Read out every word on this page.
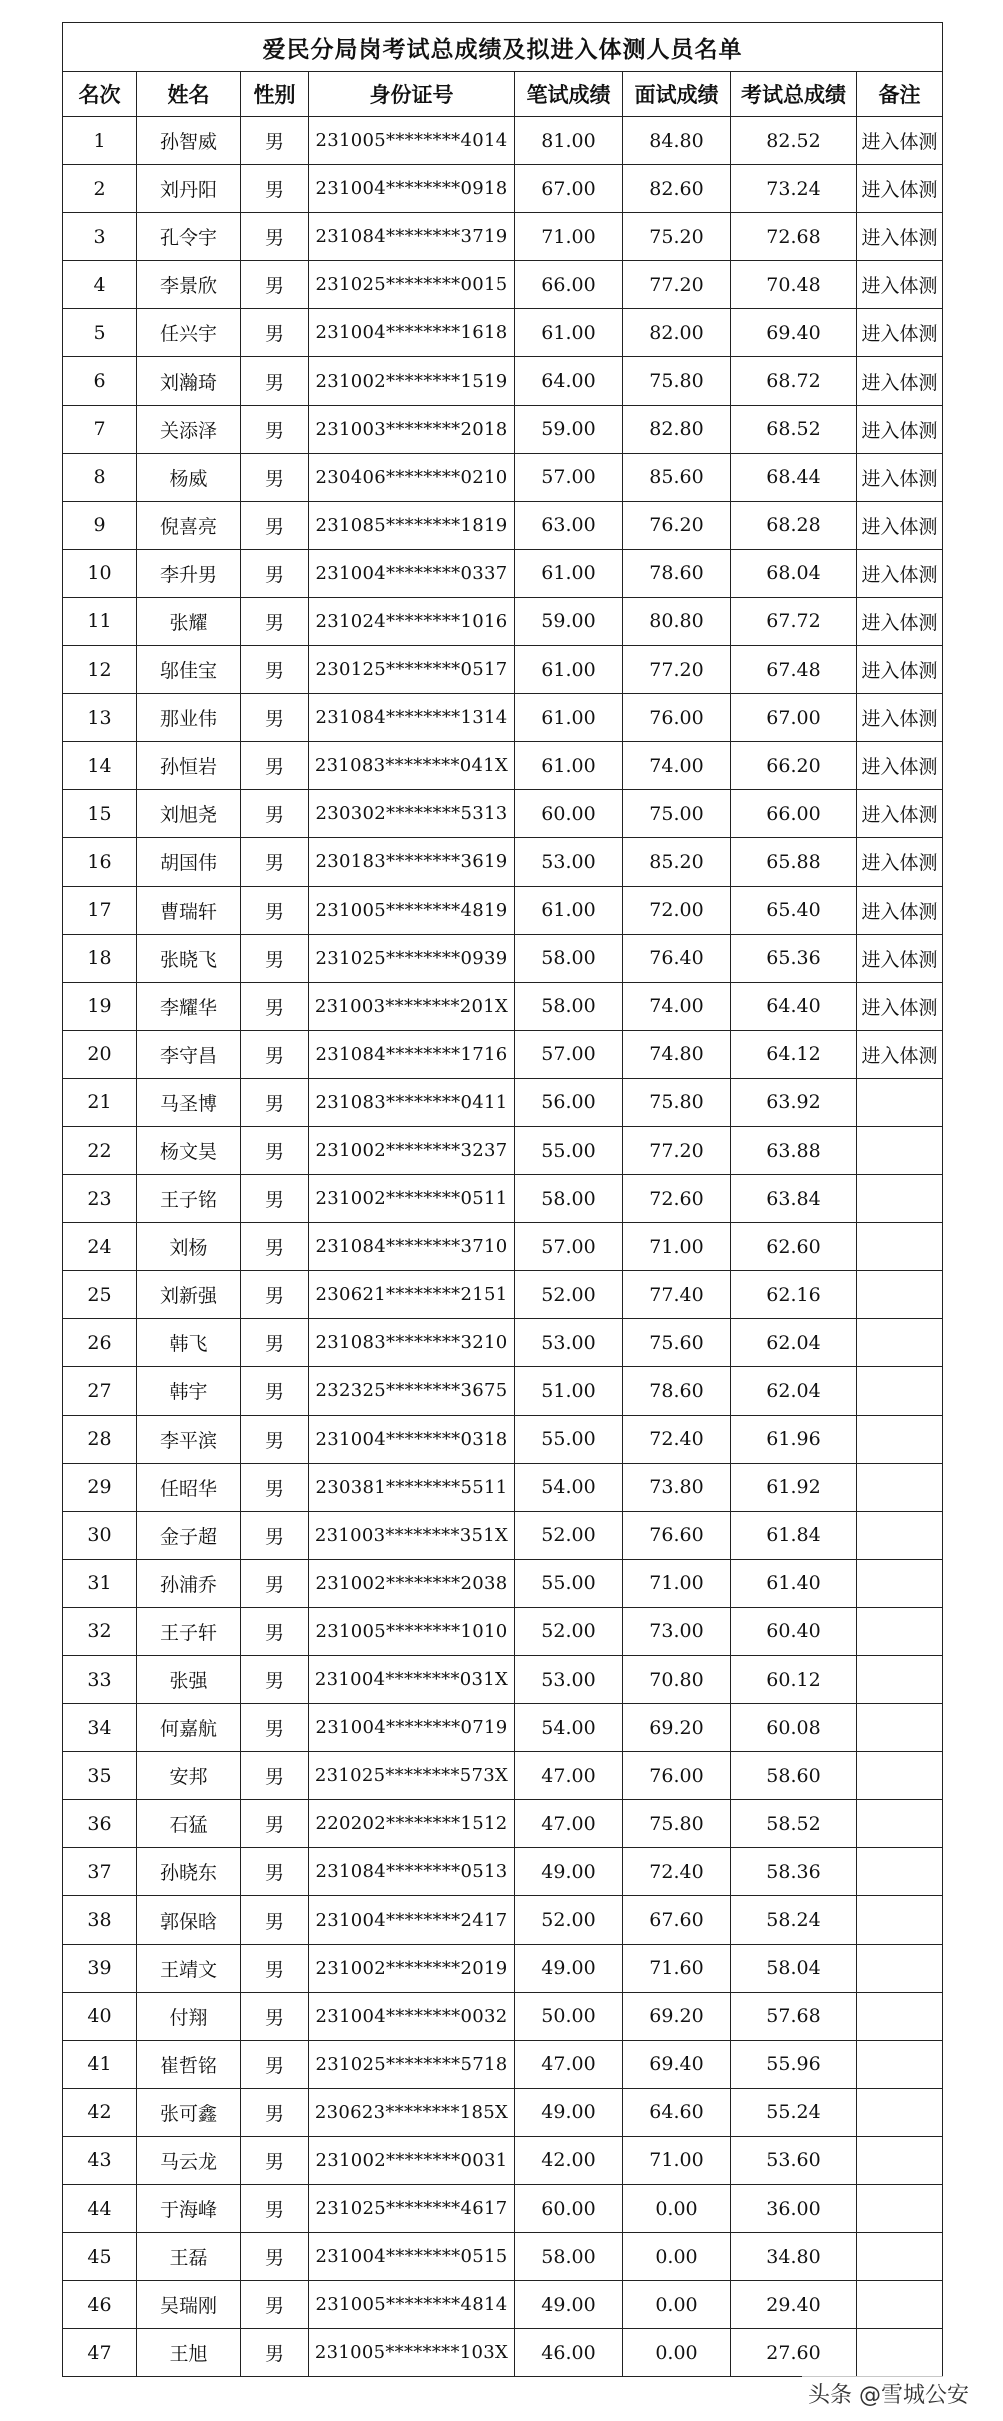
爱民分局岗考试总成绩及拟进入体测人员名单							
名次	姓名	性别	身份证号	笔试成绩	面试成绩	考试总成绩	备注
1	孙智威	男	231005********4014	81.00	84.80	82.52	进入体测
2	刘丹阳	男	231004********0918	67.00	82.60	73.24	进入体测
3	孔令宇	男	231084********3719	71.00	75.20	72.68	进入体测
4	李景欣	男	231025********0015	66.00	77.20	70.48	进入体测
5	任兴宇	男	231004********1618	61.00	82.00	69.40	进入体测
6	刘瀚琦	男	231002********1519	64.00	75.80	68.72	进入体测
7	关添泽	男	231003********2018	59.00	82.80	68.52	进入体测
8	杨威	男	230406********0210	57.00	85.60	68.44	进入体测
9	倪喜亮	男	231085********1819	63.00	76.20	68.28	进入体测
10	李升男	男	231004********0337	61.00	78.60	68.04	进入体测
11	张耀	男	231024********1016	59.00	80.80	67.72	进入体测
12	邬佳宝	男	230125********0517	61.00	77.20	67.48	进入体测
13	那业伟	男	231084********1314	61.00	76.00	67.00	进入体测
14	孙恒岩	男	231083********041X	61.00	74.00	66.20	进入体测
15	刘旭尧	男	230302********5313	60.00	75.00	66.00	进入体测
16	胡国伟	男	230183********3619	53.00	85.20	65.88	进入体测
17	曹瑞轩	男	231005********4819	61.00	72.00	65.40	进入体测
18	张晓飞	男	231025********0939	58.00	76.40	65.36	进入体测
19	李耀华	男	231003********201X	58.00	74.00	64.40	进入体测
20	李守昌	男	231084********1716	57.00	74.80	64.12	进入体测
21	马圣博	男	231083********0411	56.00	75.80	63.92	
22	杨文昊	男	231002********3237	55.00	77.20	63.88	
23	王子铭	男	231002********0511	58.00	72.60	63.84	
24	刘杨	男	231084********3710	57.00	71.00	62.60	
25	刘新强	男	230621********2151	52.00	77.40	62.16	
26	韩飞	男	231083********3210	53.00	75.60	62.04	
27	韩宇	男	232325********3675	51.00	78.60	62.04	
28	李平滨	男	231004********0318	55.00	72.40	61.96	
29	任昭华	男	230381********5511	54.00	73.80	61.92	
30	金子超	男	231003********351X	52.00	76.60	61.84	
31	孙浦乔	男	231002********2038	55.00	71.00	61.40	
32	王子轩	男	231005********1010	52.00	73.00	60.40	
33	张强	男	231004********031X	53.00	70.80	60.12	
34	何嘉航	男	231004********0719	54.00	69.20	60.08	
35	安邦	男	231025********573X	47.00	76.00	58.60	
36	石猛	男	220202********1512	47.00	75.80	58.52	
37	孙晓东	男	231084********0513	49.00	72.40	58.36	
38	郭保晗	男	231004********2417	52.00	67.60	58.24	
39	王靖文	男	231002********2019	49.00	71.60	58.04	
40	付翔	男	231004********0032	50.00	69.20	57.68	
41	崔哲铭	男	231025********5718	47.00	69.40	55.96	
42	张可鑫	男	230623********185X	49.00	64.60	55.24	
43	马云龙	男	231002********0031	42.00	71.00	53.60	
44	于海峰	男	231025********4617	60.00	0.00	36.00	
45	王磊	男	231004********0515	58.00	0.00	34.80	
46	吴瑞刚	男	231005********4814	49.00	0.00	29.40	
47	王旭	男	231005********103X	46.00	0.00	27.60	
头条 @雪城公安
